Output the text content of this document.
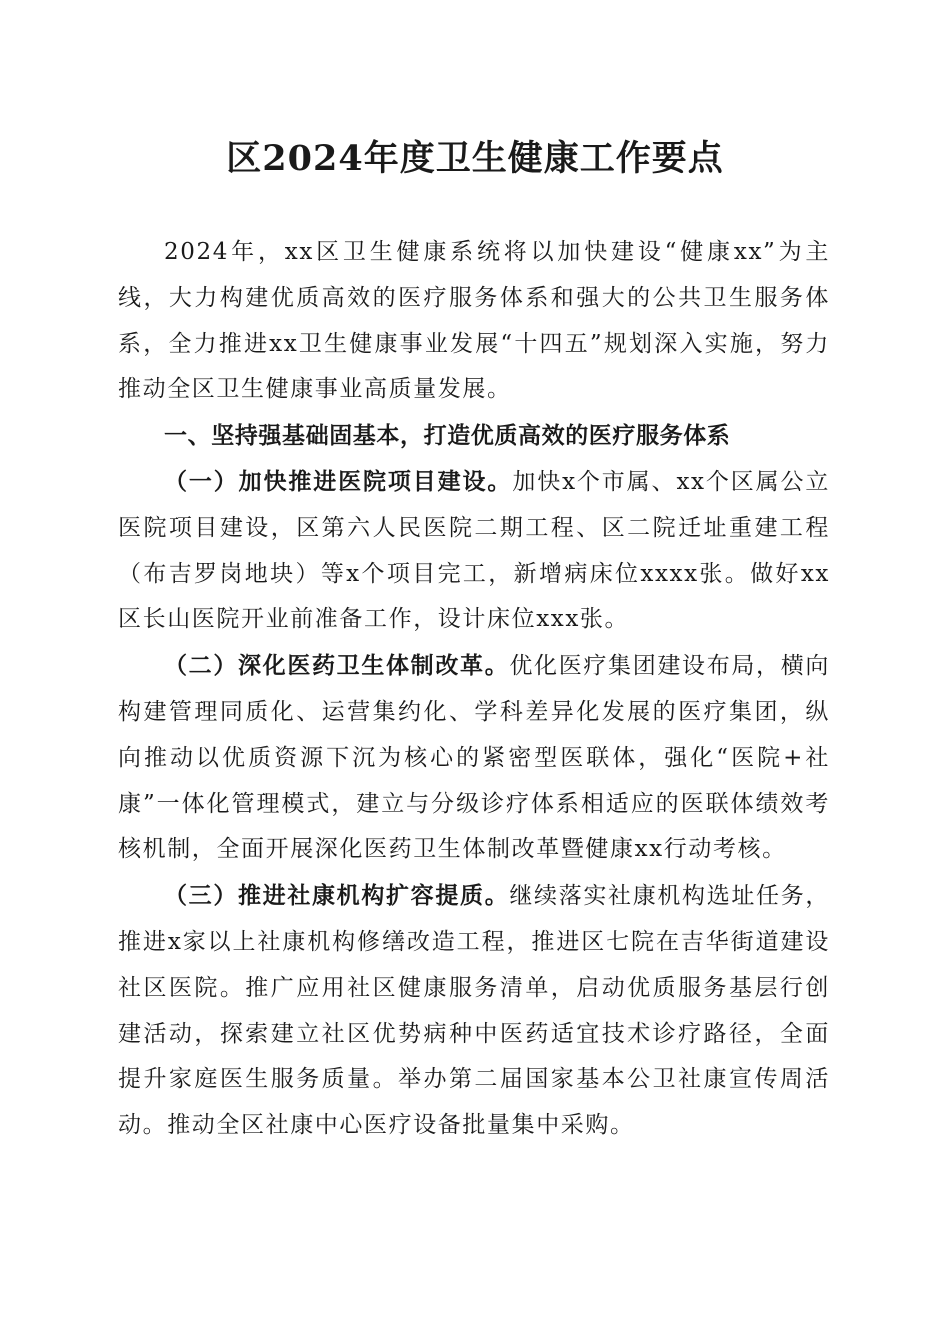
区2024年度卫生健康工作要点

2024年，xx区卫生健康系统将以加快建设“健康xx”为主线，大力构建优质高效的医疗服务体系和强大的公共卫生服务体系，全力推进xx卫生健康事业发展“十四五”规划深入实施，努力推动全区卫生健康事业高质量发展。

一、坚持强基础固基本，打造优质高效的医疗服务体系

（一）加快推进医院项目建设。加快x个市属、xx个区属公立医院项目建设，区第六人民医院二期工程、区二院迁址重建工程（布吉罗岗地块）等x个项目完工，新增病床位xxxx张。做好xx区长山医院开业前准备工作，设计床位xxx张。

（二）深化医药卫生体制改革。优化医疗集团建设布局，横向构建管理同质化、运营集约化、学科差异化发展的医疗集团，纵向推动以优质资源下沉为核心的紧密型医联体，强化“医院+社康”一体化管理模式，建立与分级诊疗体系相适应的医联体绩效考核机制，全面开展深化医药卫生体制改革暨健康xx行动考核。

（三）推进社康机构扩容提质。继续落实社康机构选址任务，推进x家以上社康机构修缮改造工程，推进区七院在吉华街道建设社区医院。推广应用社区健康服务清单，启动优质服务基层行创建活动，探索建立社区优势病种中医药适宜技术诊疗路径，全面提升家庭医生服务质量。举办第二届国家基本公卫社康宣传周活动。推动全区社康中心医疗设备批量集中采购。
